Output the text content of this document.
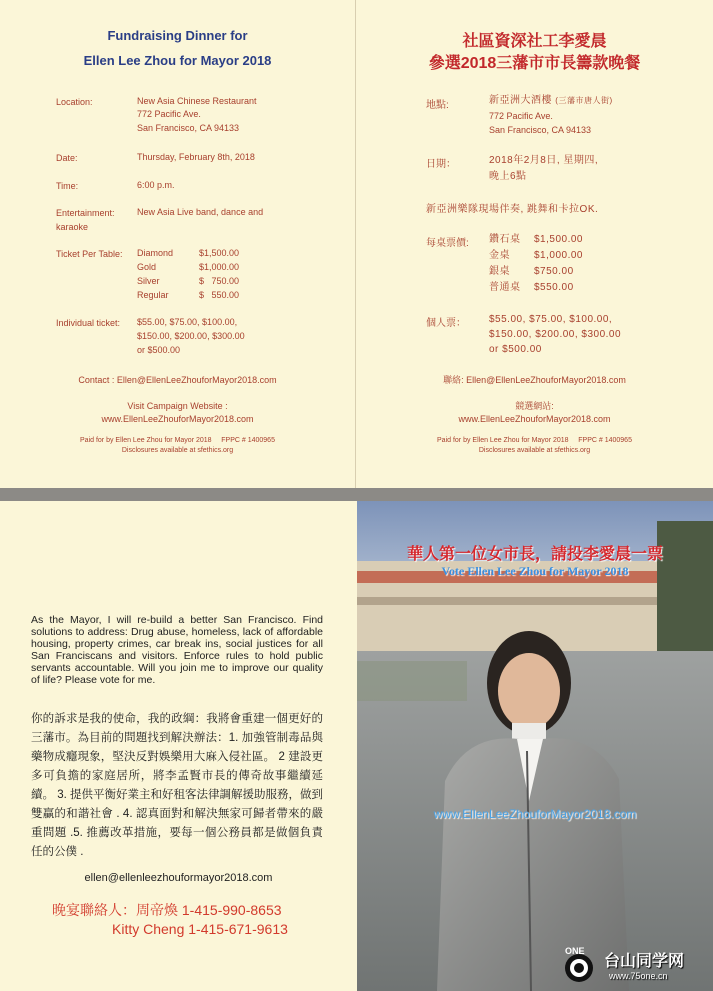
Fundraising Dinner for
Ellen Lee Zhou for Mayor 2018
Location:	New Asia Chinese Restaurant
772 Pacific Ave.
San Francisco, CA 94133
Date:	Thursday, February 8th, 2018
Time:	6:00 p.m.
Entertainment: New Asia Live band, dance and
karaoke
Ticket Per Table: Diamond	$1,500.00
Gold	$1,000.00
Silver	$   750.00
Regular	$   550.00
Individual ticket: $55.00, $75.00, $100.00,
$150.00, $200.00, $300.00
or $500.00
Contact : Ellen@EllenLeeZhouforMayor2018.com
Visit Campaign Website :
www.EllenLeeZhouforMayor2018.com
Paid for by Ellen Lee Zhou for Mayor 2018     FPPC # 1400965
Disclosures available at sfethics.org
社區資深社工李愛晨
參選2018三藩市市長籌款晚餐
地點:	新亞洲大酒樓 (三藩市唐人街)
772 Pacific Ave.
San Francisco, CA 94133
日期：	2018年2月8日, 星期四,
晚上6點
新亞洲樂隊現場伴奏, 跳舞和卡拉OK.
每桌票價: 鑽石桌 $1,500.00
金桌 $1,000.00
銀桌 $750.00
普通桌 $550.00
個人票： $55.00, $75.00, $100.00,
$150.00, $200.00, $300.00
or $500.00
聯絡: Ellen@EllenLeeZhouforMayor2018.com
競選網站:
www.EllenLeeZhouforMayor2018.com
Paid for by Ellen Lee Zhou for Mayor 2018     FPPC # 1400965
Disclosures available at sfethics.org
As the Mayor, I will re-build a better San Francisco. Find solutions to address: Drug abuse, homeless, lack of affordable housing, property crimes, car break ins, social justices for all San Franciscans and visitors. Enforce rules to hold public servants accountable. Will you join me to improve our quality of life? Please vote for me.
你的訴求是我的使命，我的政綱：我將會重建一個更好的三藩市。為目前的問題找到解決辦法：1. 加強管制毒品與藥物成癮現象，堅決反對娛樂用大麻入侵社區。 2 建設更多可負擔的家庭居所，將李孟賢市長的傳奇故事繼續延續。 3. 提供平衡好業主和好租客法律調解援助服務，做到雙贏的和諧社會 . 4. 認真面對和解決無家可歸者帶來的嚴重問題 .5. 推薦改革措施，要每一個公務員都是做個負責任的公僕 .
ellen@ellenleezhouformayor2018.com
晚宴聯絡人：周帝煥 1-415-990-8653
Kitty Cheng 1-415-671-9613
華人第一位女市長，請投李愛晨一票
Vote Ellen Lee Zhou for Mayor 2018
www.EllenLeeZhouforMayor2018.com
ONE
台山同学网
www.75one.cn
